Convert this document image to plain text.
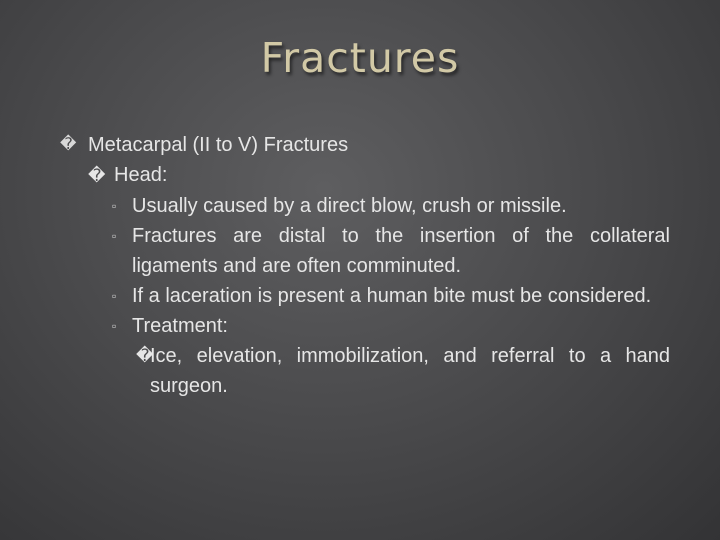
Fractures
� Metacarpal (II to V) Fractures
� Head:
▫ Usually caused by a direct blow, crush or missile.
▫ Fractures are distal to the insertion of the collateral ligaments and are often comminuted.
▫ If a laceration is present a human bite must be considered.
▫ Treatment:
�
Ice, elevation, immobilization, and referral to a hand surgeon.
